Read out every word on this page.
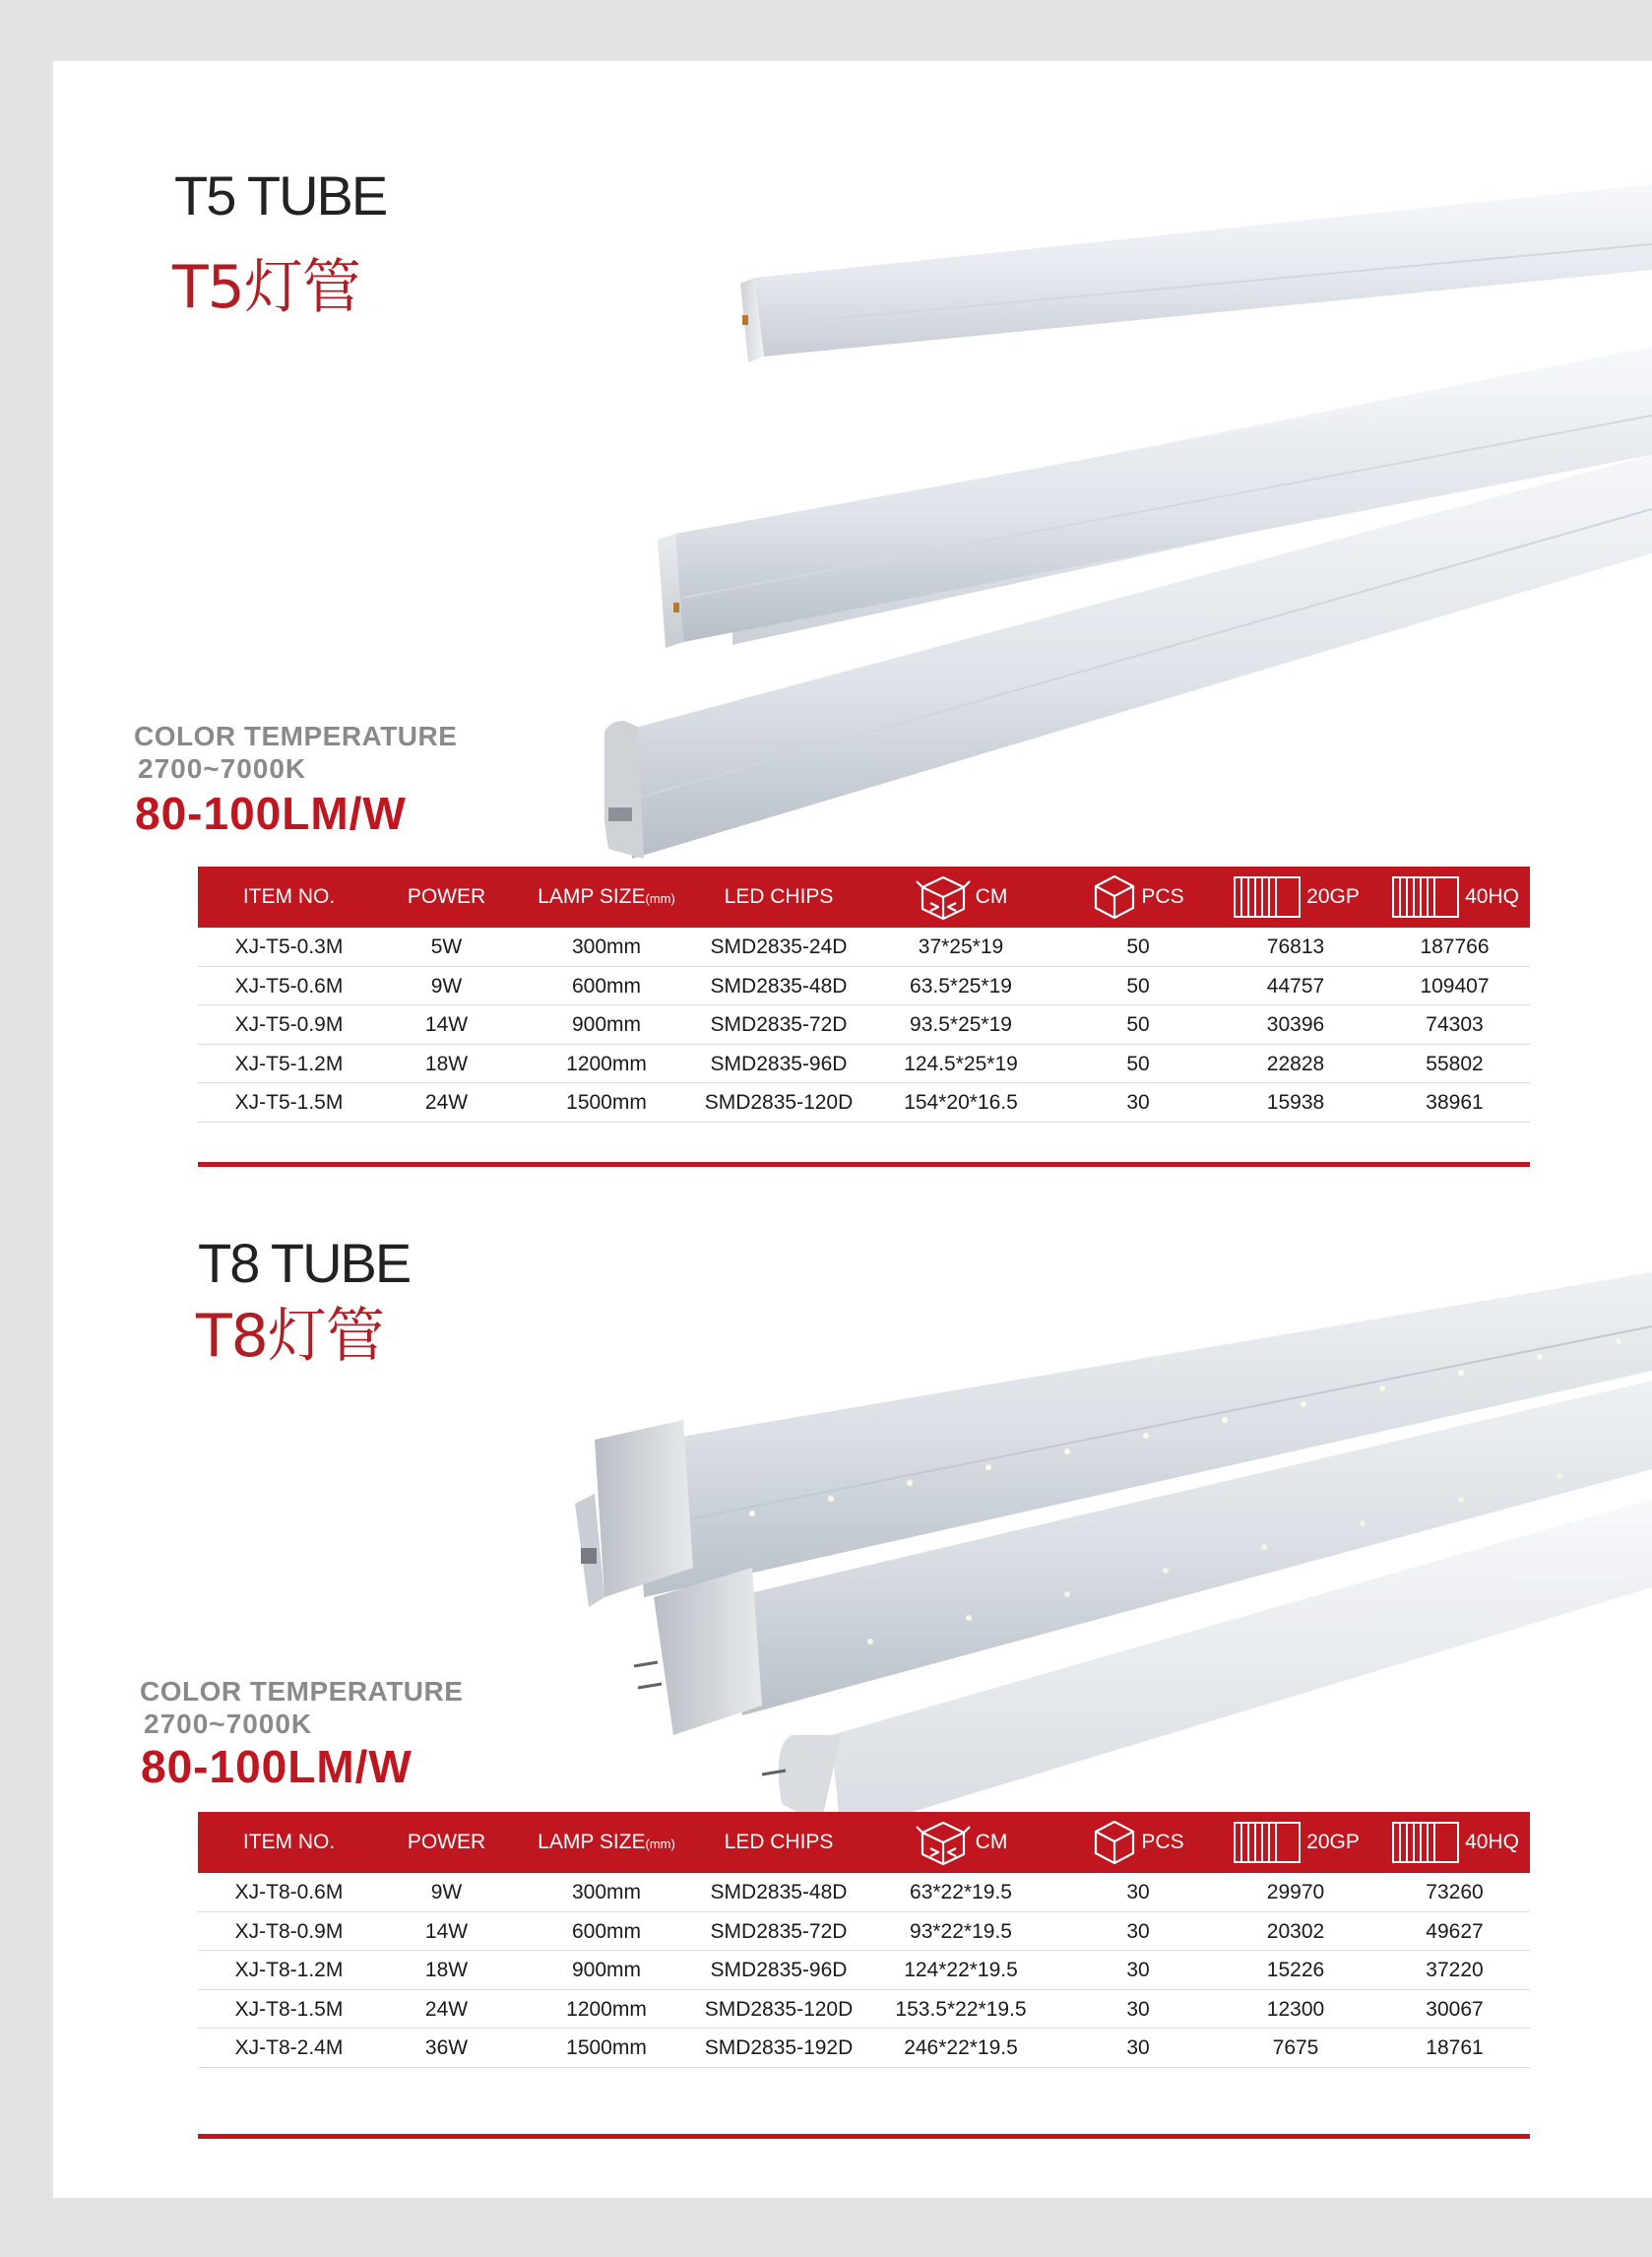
T5 TUBE
T5灯管
COLOR TEMPERATURE
2700~7000K
80-100LM/W
ITEM NO.	POWER	LAMP SIZE(mm)	LED CHIPS	CM	PCS	20GP	40HQ
XJ-T5-0.3M	5W	300mm	SMD2835-24D	37*25*19	50	76813	187766
XJ-T5-0.6M	9W	600mm	SMD2835-48D	63.5*25*19	50	44757	109407
XJ-T5-0.9M	14W	900mm	SMD2835-72D	93.5*25*19	50	30396	74303
XJ-T5-1.2M	18W	1200mm	SMD2835-96D	124.5*25*19	50	22828	55802
XJ-T5-1.5M	24W	1500mm	SMD2835-120D	154*20*16.5	30	15938	38961
T8 TUBE
T8灯管
COLOR TEMPERATURE
2700~7000K
80-100LM/W
ITEM NO.	POWER	LAMP SIZE(mm)	LED CHIPS	CM	PCS	20GP	40HQ
XJ-T8-0.6M	9W	300mm	SMD2835-48D	63*22*19.5	30	29970	73260
XJ-T8-0.9M	14W	600mm	SMD2835-72D	93*22*19.5	30	20302	49627
XJ-T8-1.2M	18W	900mm	SMD2835-96D	124*22*19.5	30	15226	37220
XJ-T8-1.5M	24W	1200mm	SMD2835-120D	153.5*22*19.5	30	12300	30067
XJ-T8-2.4M	36W	1500mm	SMD2835-192D	246*22*19.5	30	7675	18761
